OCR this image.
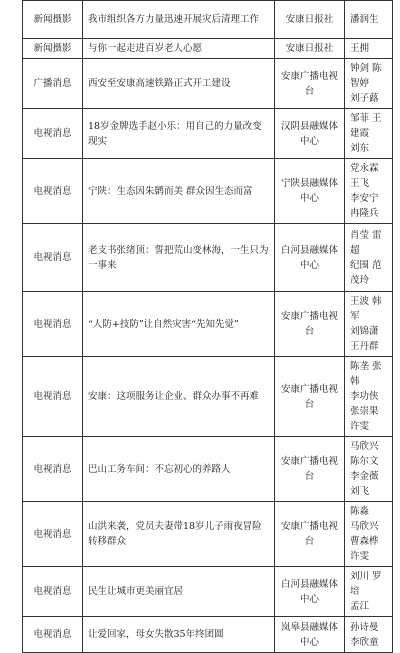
新闻摄影	我市组织各方力量迅速开展灾后清理工作	安康日报社	潘润生

新闻摄影	与你一起走进百岁老人心愿	安康日报社	王拥

广播消息	西安至安康高速铁路正式开工建设	安康广播电视台	钟剑 陈智婷
刘子蕗

电视消息	18岁金牌选手赵小乐：用自己的力量改变现实	汉阴县融媒体中心	邹菲 王建霞
刘东

电视消息	宁陕：生态因朱鹮而美 群众因生态而富	宁陕县融媒体中心	党永霖
王飞
李安宁
冉隆兵

电视消息	老支书张绪顶：誓把荒山变林海，一生只为一事来	白河县融媒体中心	肖莹 雷超
纪围 范茂玲

电视消息	“人防+技防”让自然灾害“先知先觉”	安康广播电视台	王波 韩军
刘锦潇
王丹群

电视消息	安康：这项服务让企业、群众办事不再难	安康广播电视台	陈垄 张韩
李功侠
张崇果
许雯

电视消息	巴山工务车间：不忘初心的养路人	安康广播电视台	马欣兴
陈尔文
李金薇
刘飞

电视消息	山洪来袭，党员夫妻带18岁儿子雨夜冒险转移群众	安康广播电视台	陈淼
马欣兴
曹森桦
许雯

电视消息	民生让城市更美丽宜居	白河县融媒体中心	刘川 罗培
孟江

电视消息	让爱回家，母女失散35年终团圆	岚皋县融媒体中心	孙诗曼
李欣童
